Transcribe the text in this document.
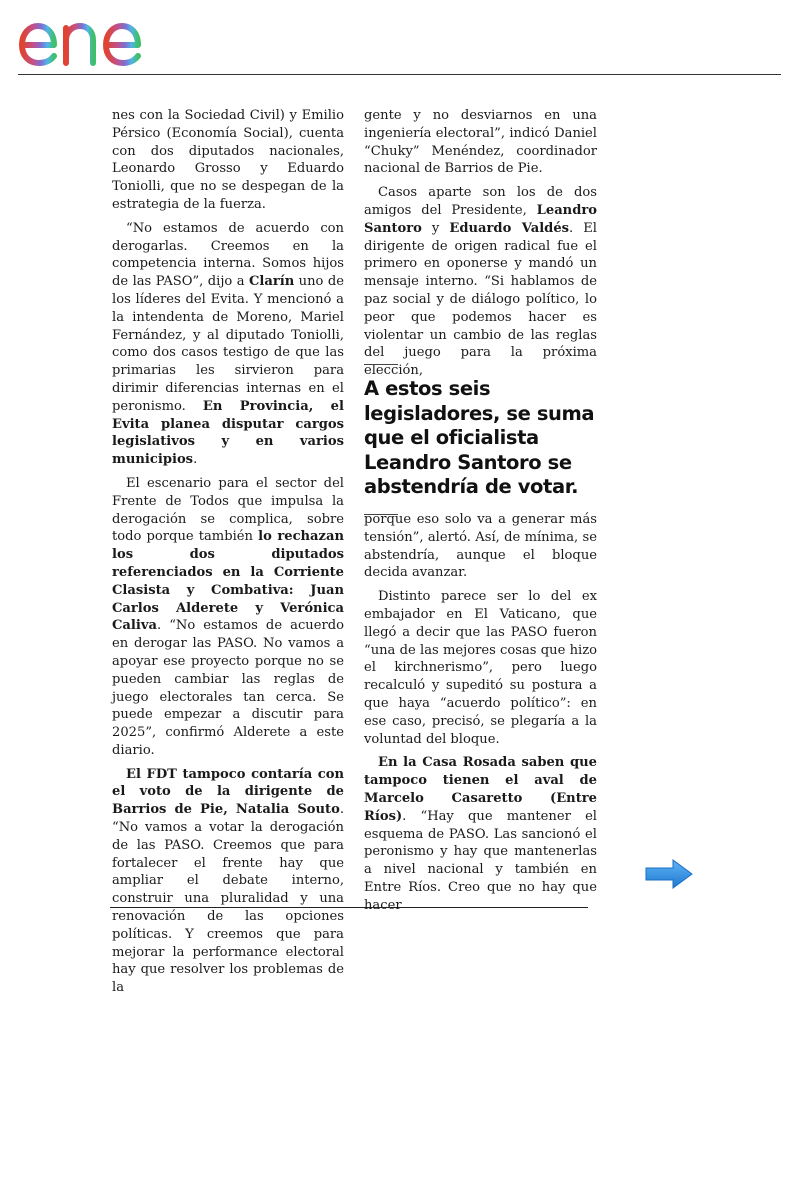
nes con la Sociedad Civil) y Emilio Pérsico (Economía Social), cuenta con dos diputados nacionales, Leonardo Grosso y Eduardo Toniolli, que no se despegan de la estrategia de la fuerza.

“No estamos de acuerdo con derogarlas. Creemos en la competencia interna. Somos hijos de las PASO”, dijo a Clarín uno de los líderes del Evita. Y mencionó a la intendenta de Moreno, Mariel Fernández, y al diputado Toniolli, como dos casos testigo de que las primarias les sirvieron para dirimir diferencias internas en el peronismo. En Provincia, el Evita planea disputar cargos legislativos y en varios municipios.

El escenario para el sector del Frente de Todos que impulsa la derogación se complica, sobre todo porque también lo rechazan los dos diputados referenciados en la Corriente Clasista y Combativa: Juan Carlos Alderete y Verónica Caliva. “No estamos de acuerdo en derogar las PASO. No vamos a apoyar ese proyecto porque no se pueden cambiar las reglas de juego electorales tan cerca. Se puede empezar a discutir para 2025”, confirmó Alderete a este diario.

El FDT tampoco contaría con el voto de la dirigente de Barrios de Pie, Natalia Souto. “No vamos a votar la derogación de las PASO. Creemos que para fortalecer el frente hay que ampliar el debate interno, construir una pluralidad y una renovación de las opciones políticas. Y creemos que para mejorar la performance electoral hay que resolver los problemas de la

gente y no desviarnos en una ingeniería electoral”, indicó Daniel “Chuky” Menéndez, coordinador nacional de Barrios de Pie.

Casos aparte son los de dos amigos del Presidente, Leandro Santoro y Eduardo Valdés. El dirigente de origen radical fue el primero en oponerse y mandó un mensaje interno. “Si hablamos de paz social y de diálogo político, lo peor que podemos hacer es violentar un cambio de las reglas del juego para la próxima elección,

A estos seis legisladores, se suma que el oficialista Leandro Santoro se abstendría de votar.

porque eso solo va a generar más tensión”, alertó. Así, de mínima, se abstendría, aunque el bloque decida avanzar.

Distinto parece ser lo del ex embajador en El Vaticano, que llegó a decir que las PASO fueron “una de las mejores cosas que hizo el kirchnerismo”, pero luego recalculó y supeditó su postura a que haya “acuerdo político”: en ese caso, precisó, se plegaría a la voluntad del bloque.

En la Casa Rosada saben que tampoco tienen el aval de Marcelo Casaretto (Entre Ríos). “Hay que mantener el esquema de PASO. Las sancionó el peronismo y hay que mantenerlas a nivel nacional y también en Entre Ríos. Creo que no hay que hacer
